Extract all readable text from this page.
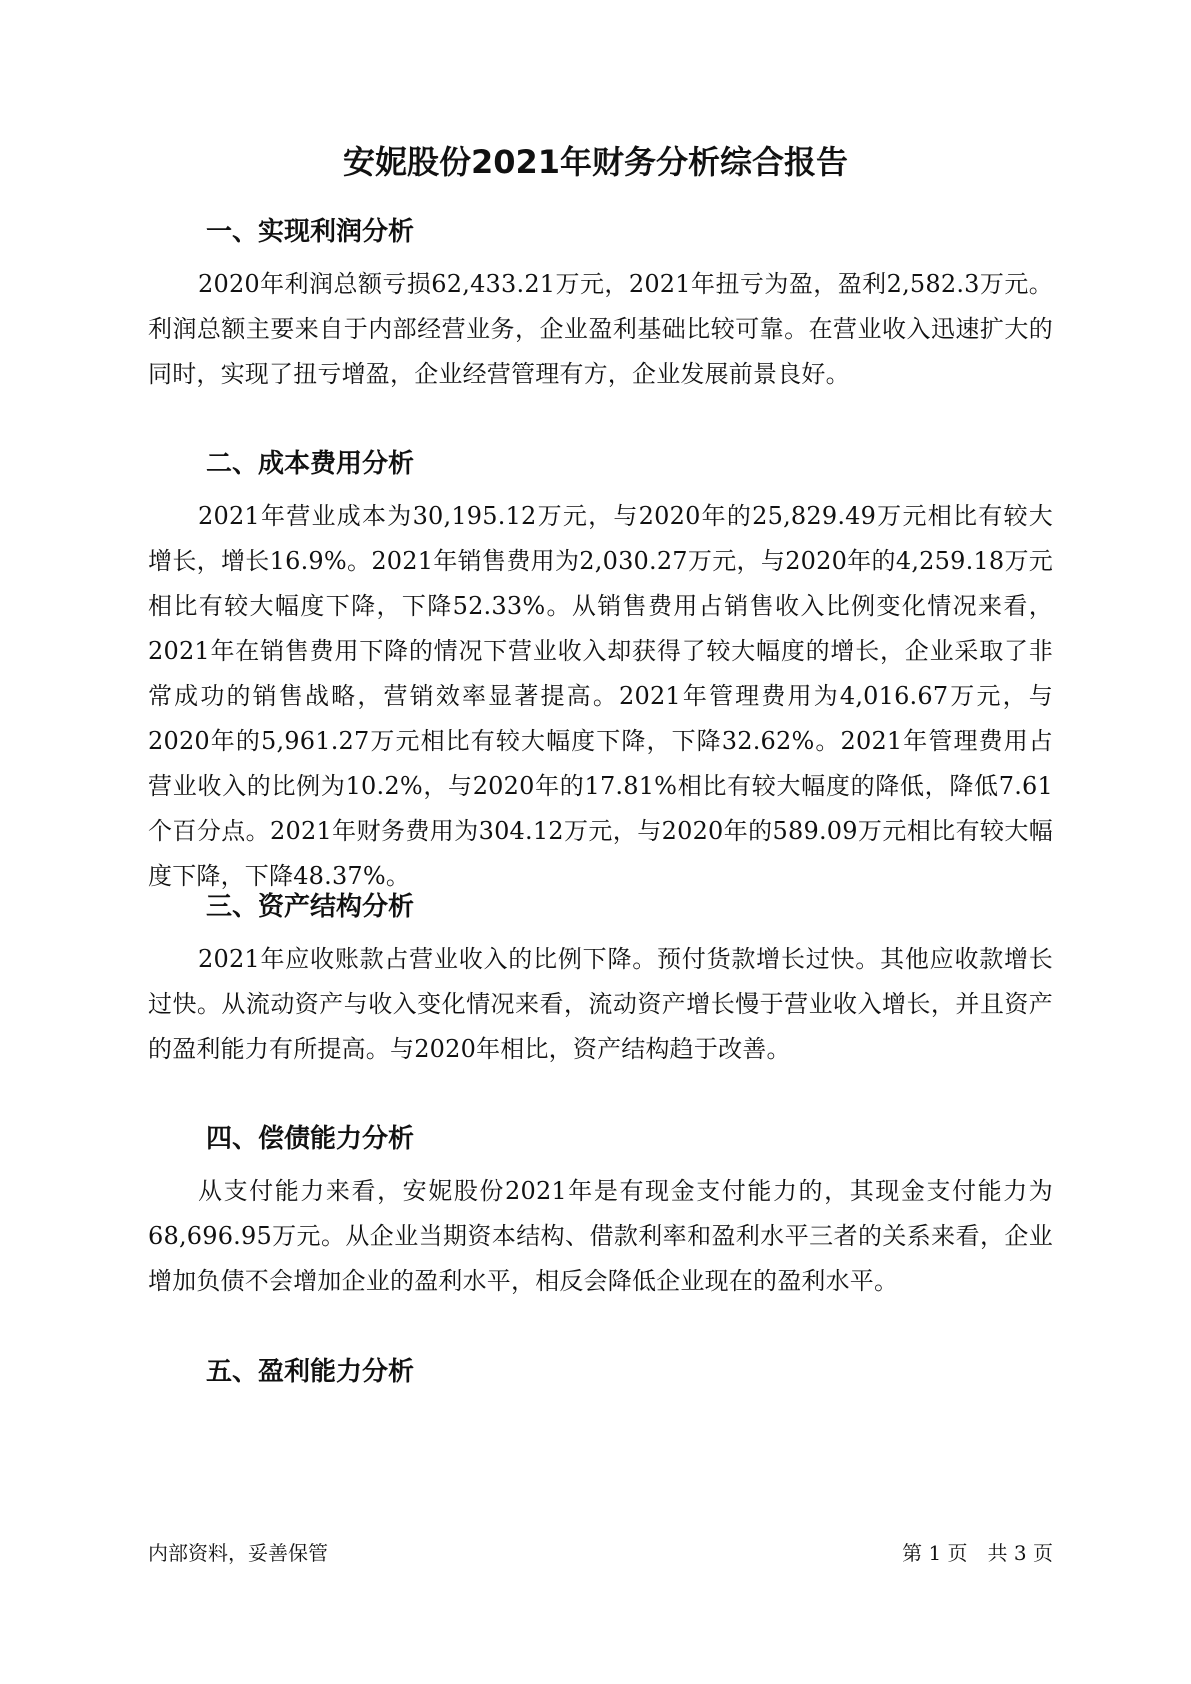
安妮股份2021年财务分析综合报告
一、实现利润分析

2020年利润总额亏损62,433.21万元，2021年扭亏为盈，盈利2,582.3万元。利润总额主要来自于内部经营业务，企业盈利基础比较可靠。在营业收入迅速扩大的同时，实现了扭亏增盈，企业经营管理有方，企业发展前景良好。

二、成本费用分析

2021年营业成本为30,195.12万元，与2020年的25,829.49万元相比有较大增长，增长16.9%。2021年销售费用为2,030.27万元，与2020年的4,259.18万元相比有较大幅度下降，下降52.33%。从销售费用占销售收入比例变化情况来看，2021年在销售费用下降的情况下营业收入却获得了较大幅度的增长，企业采取了非常成功的销售战略，营销效率显著提高。2021年管理费用为4,016.67万元，与2020年的5,961.27万元相比有较大幅度下降，下降32.62%。2021年管理费用占营业收入的比例为10.2%，与2020年的17.81%相比有较大幅度的降低，降低7.61个百分点。2021年财务费用为304.12万元，与2020年的589.09万元相比有较大幅度下降，下降48.37%。

三、资产结构分析

2021年应收账款占营业收入的比例下降。预付货款增长过快。其他应收款增长过快。从流动资产与收入变化情况来看，流动资产增长慢于营业收入增长，并且资产的盈利能力有所提高。与2020年相比，资产结构趋于改善。

四、偿债能力分析

从支付能力来看，安妮股份2021年是有现金支付能力的，其现金支付能力为68,696.95万元。从企业当期资本结构、借款利率和盈利水平三者的关系来看，企业增加负债不会增加企业的盈利水平，相反会降低企业现在的盈利水平。

五、盈利能力分析
内部资料，妥善保管	第 1 页　共 3 页
